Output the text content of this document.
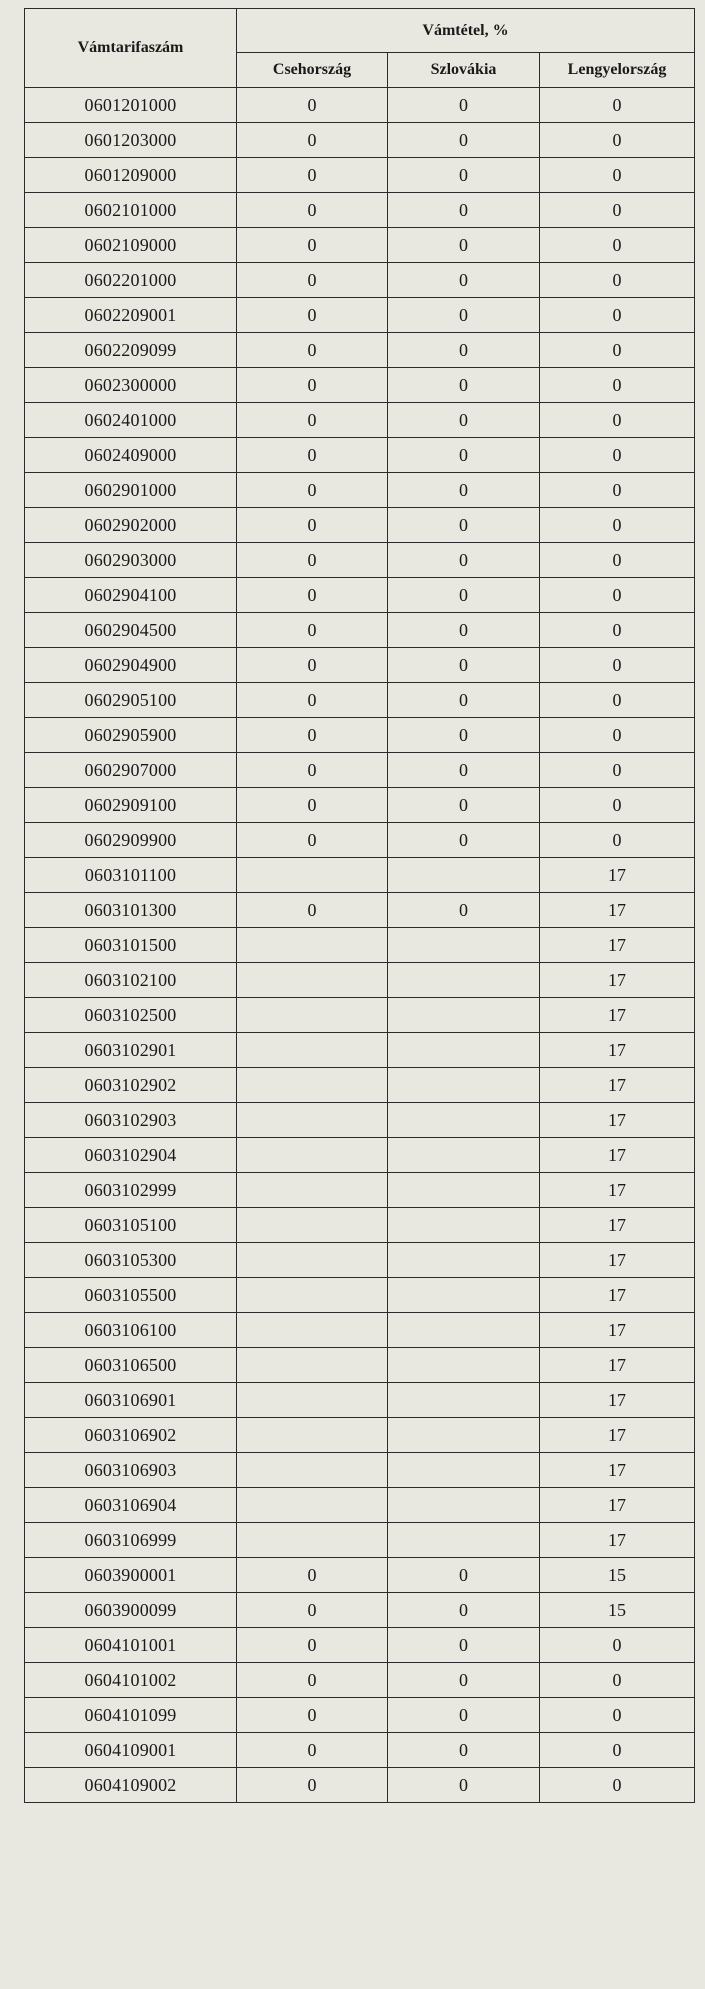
Vámtarifaszám	Vámtétel, %		
	Csehország	Szlovákia	Lengyelország
0601201000	0	0	0
0601203000	0	0	0
0601209000	0	0	0
0602101000	0	0	0
0602109000	0	0	0
0602201000	0	0	0
0602209001	0	0	0
0602209099	0	0	0
0602300000	0	0	0
0602401000	0	0	0
0602409000	0	0	0
0602901000	0	0	0
0602902000	0	0	0
0602903000	0	0	0
0602904100	0	0	0
0602904500	0	0	0
0602904900	0	0	0
0602905100	0	0	0
0602905900	0	0	0
0602907000	0	0	0
0602909100	0	0	0
0602909900	0	0	0
0603101100			17
0603101300	0	0	17
0603101500			17
0603102100			17
0603102500			17
0603102901			17
0603102902			17
0603102903			17
0603102904			17
0603102999			17
0603105100			17
0603105300			17
0603105500			17
0603106100			17
0603106500			17
0603106901			17
0603106902			17
0603106903			17
0603106904			17
0603106999			17
0603900001	0	0	15
0603900099	0	0	15
0604101001	0	0	0
0604101002	0	0	0
0604101099	0	0	0
0604109001	0	0	0
0604109002	0	0	0
